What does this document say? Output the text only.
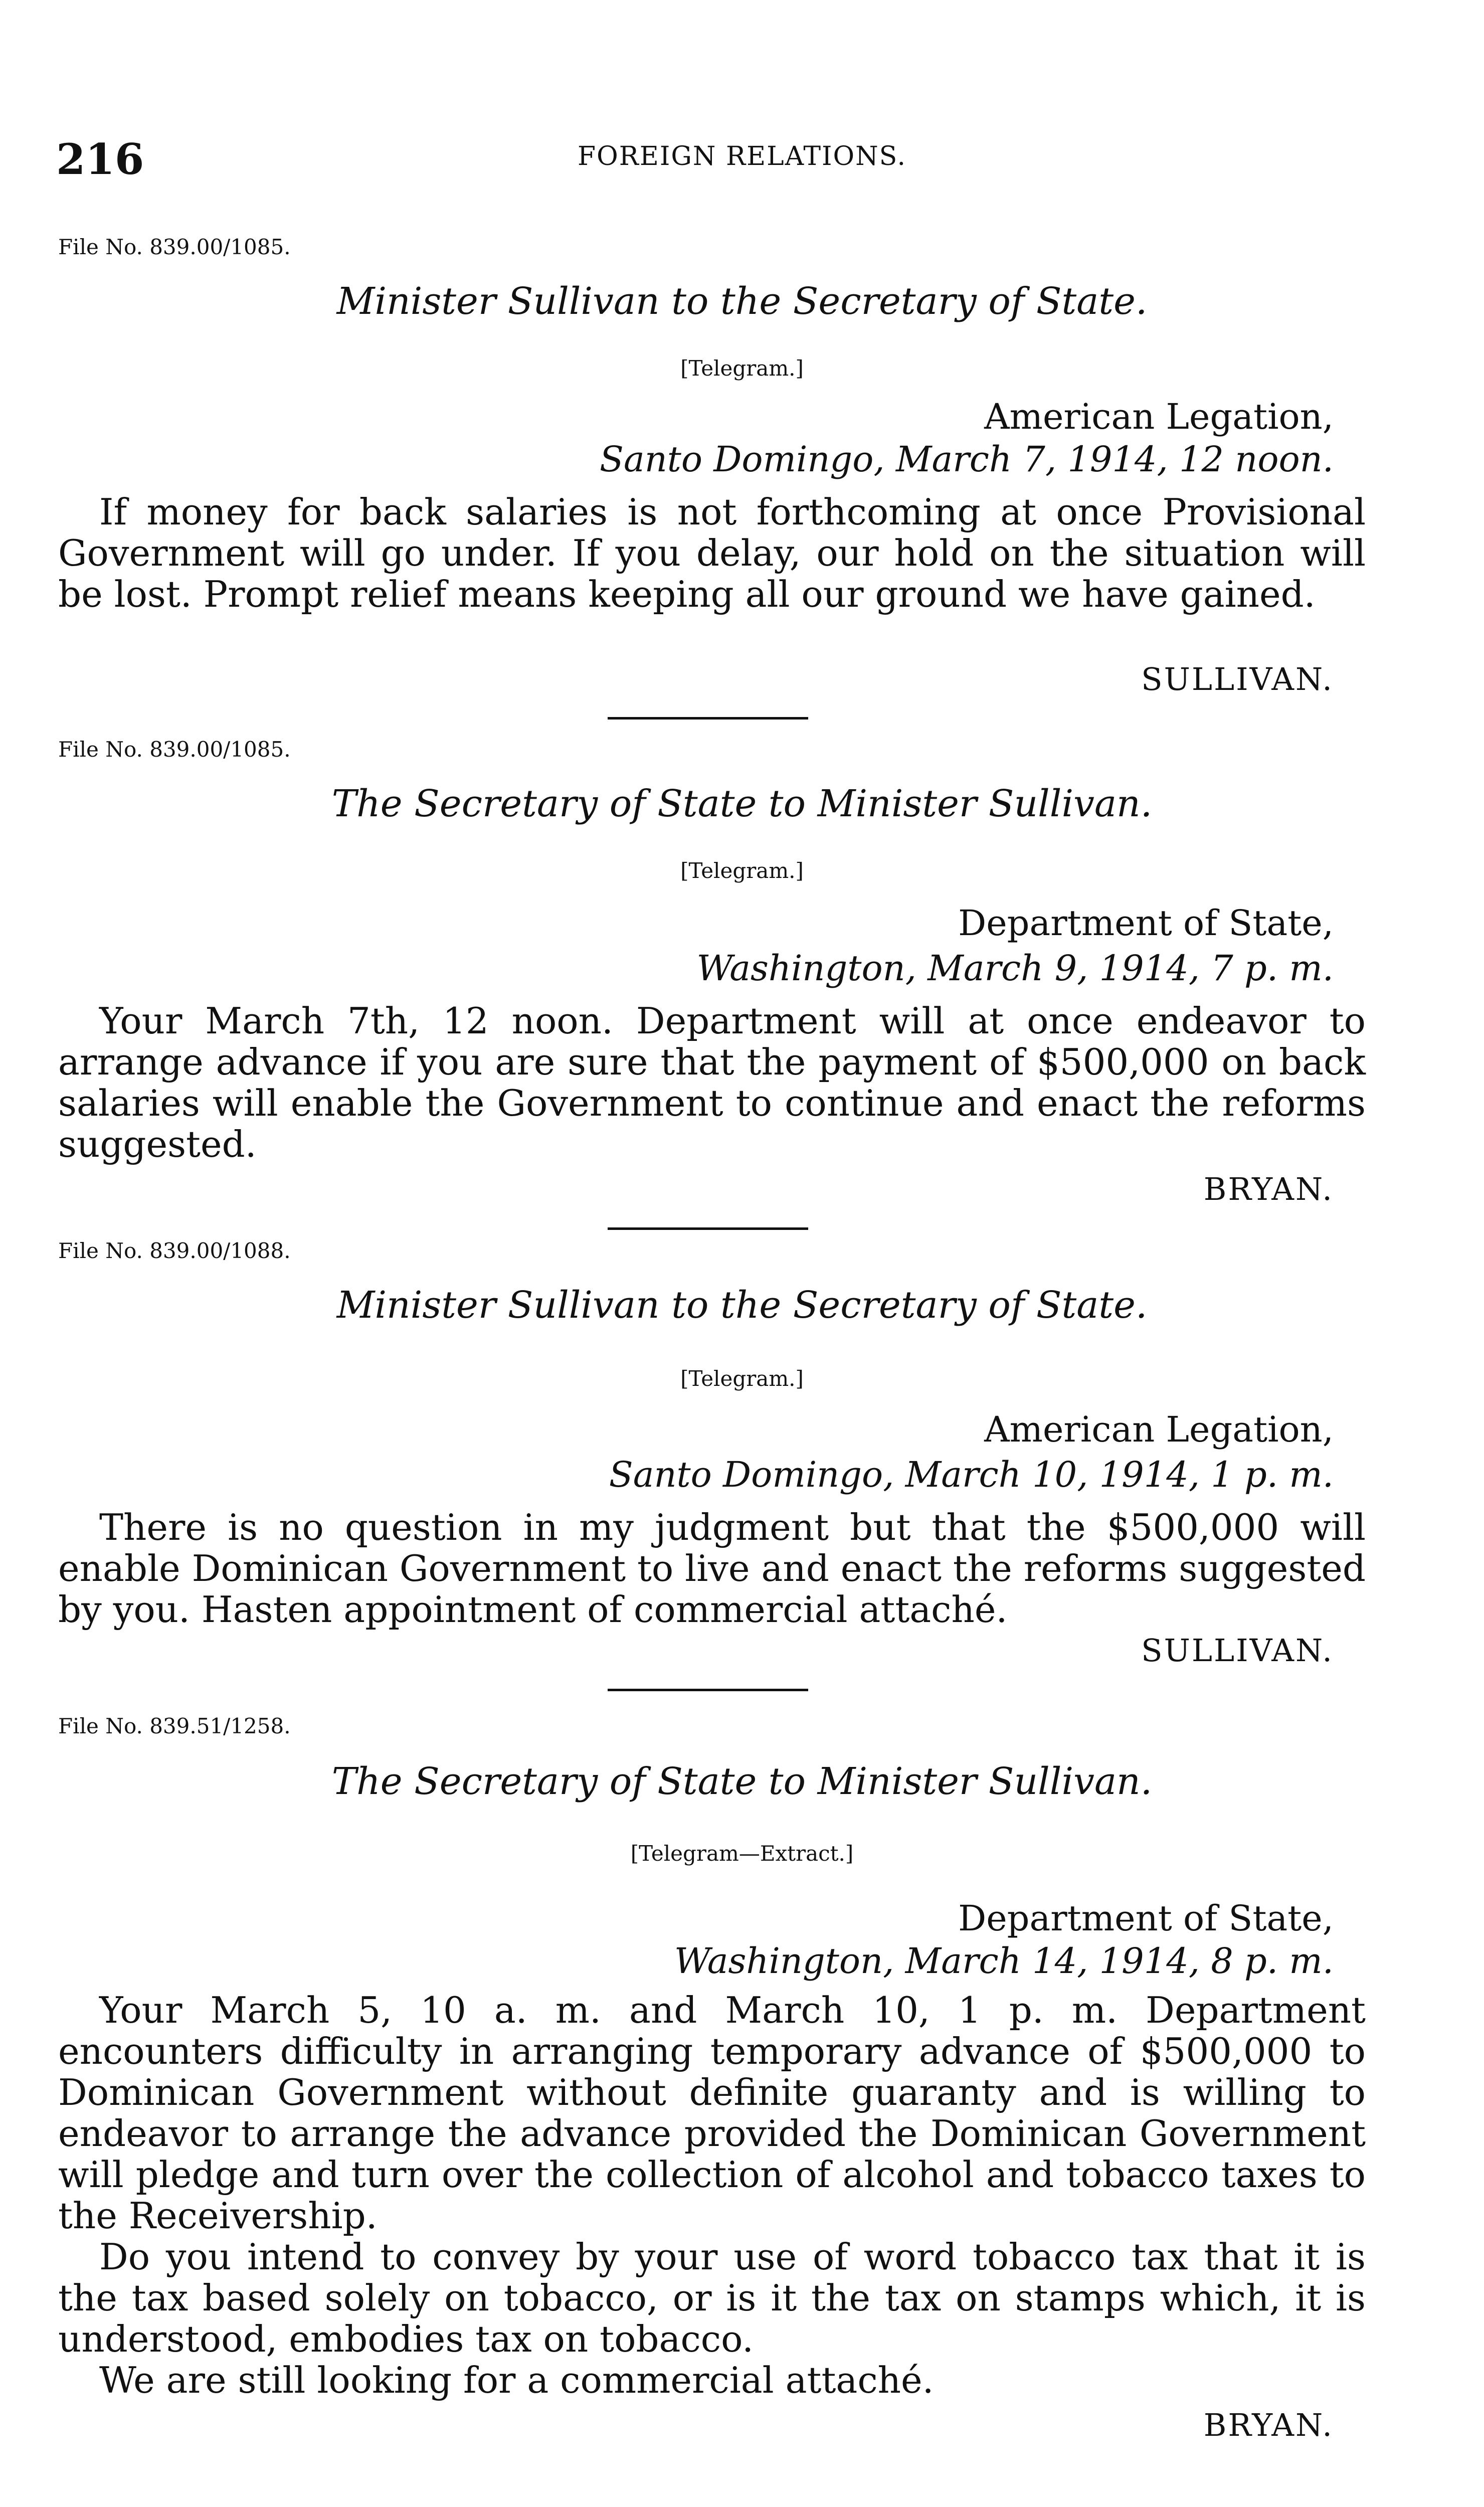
216	FOREIGN RELATIONS.
File No. 839.00/1085.
Minister Sullivan to the Secretary of State.
[Telegram.]
American Legation,
Santo Domingo, March 7, 1914, 12 noon.

If money for back salaries is not forthcoming at once Provisional Government will go under. If you delay, our hold on the situation will be lost. Prompt relief means keeping all our ground we have gained.

SULLIVAN.
File No. 839.00/1085.
The Secretary of State to Minister Sullivan.
[Telegram.]
Department of State,
Washington, March 9, 1914, 7 p. m.

Your March 7th, 12 noon. Department will at once endeavor to arrange advance if you are sure that the payment of $500,000 on back salaries will enable the Government to continue and enact the reforms suggested.

BRYAN.
File No. 839.00/1088.
Minister Sullivan to the Secretary of State.
[Telegram.]
American Legation,
Santo Domingo, March 10, 1914, 1 p. m.

There is no question in my judgment but that the $500,000 will enable Dominican Government to live and enact the reforms suggested by you. Hasten appointment of commercial attaché.

SULLIVAN.
File No. 839.51/1258.
The Secretary of State to Minister Sullivan.
[Telegram—Extract.]
Department of State,
Washington, March 14, 1914, 8 p. m.

Your March 5, 10 a. m. and March 10, 1 p. m. Department encounters difficulty in arranging temporary advance of $500,000 to Dominican Government without definite guaranty and is willing to endeavor to arrange the advance provided the Dominican Government will pledge and turn over the collection of alcohol and tobacco taxes to the Receivership.

Do you intend to convey by your use of word tobacco tax that it is the tax based solely on tobacco, or is it the tax on stamps which, it is understood, embodies tax on tobacco.

We are still looking for a commercial attaché.

BRYAN.
